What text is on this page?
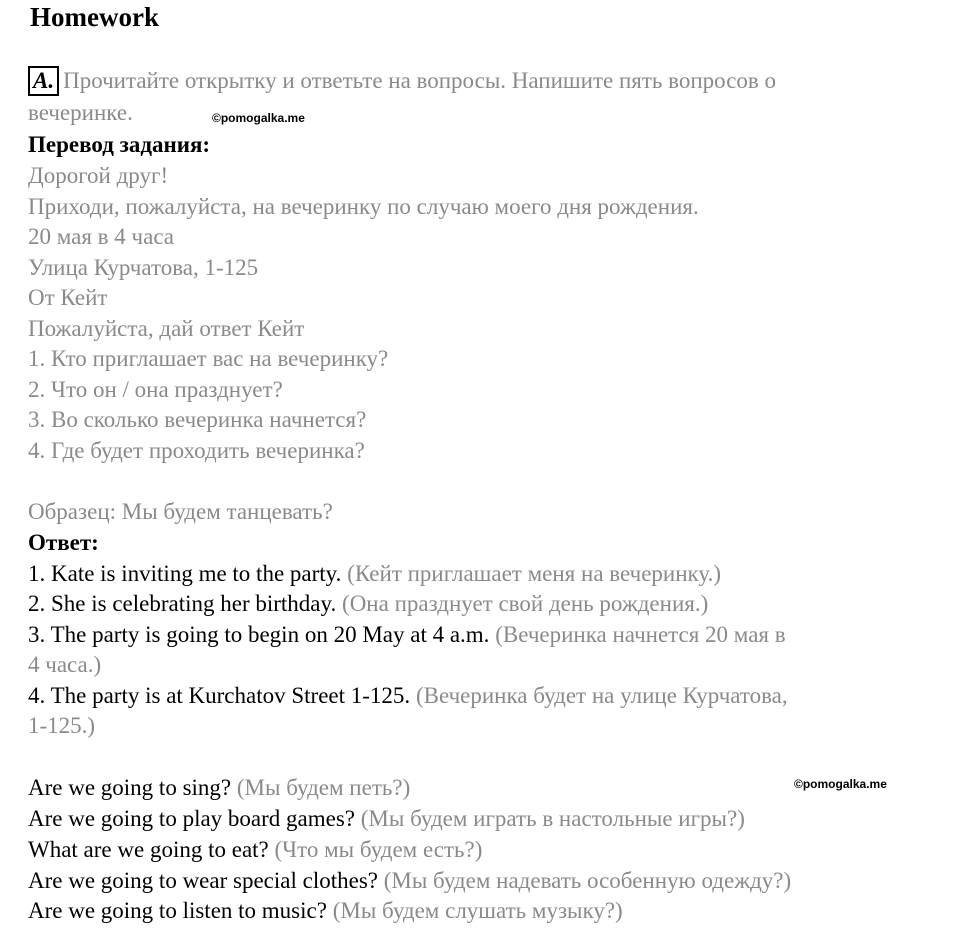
Homework
A. Прочитайте открытку и ответьте на вопросы. Напишите пять вопросов о
вечеринке.	©pomogalka.me
Перевод задания:
Дорогой друг!
Приходи, пожалуйста, на вечеринку по случаю моего дня рождения.
20 мая в 4 часа
Улица Курчатова, 1-125
От Кейт
Пожалуйста, дай ответ Кейт
1. Кто приглашает вас на вечеринку?
2. Что он / она празднует?
3. Во сколько вечеринка начнется?
4. Где будет проходить вечеринка?
Образец: Мы будем танцевать?
Ответ:
1. Kate is inviting me to the party. (Кейт приглашает меня на вечеринку.)
2. She is celebrating her birthday. (Она празднует свой день рождения.)
3. The party is going to begin on 20 May at 4 a.m. (Вечеринка начнется 20 мая в
4 часа.)
4. The party is at Kurchatov Street 1-125. (Вечеринка будет на улице Курчатова,
1-125.)
Are we going to sing? (Мы будем петь?)	©pomogalka.me
Are we going to play board games? (Мы будем играть в настольные игры?)
What are we going to eat? (Что мы будем есть?)
Are we going to wear special clothes? (Мы будем надевать особенную одежду?)
Are we going to listen to music? (Мы будем слушать музыку?)
